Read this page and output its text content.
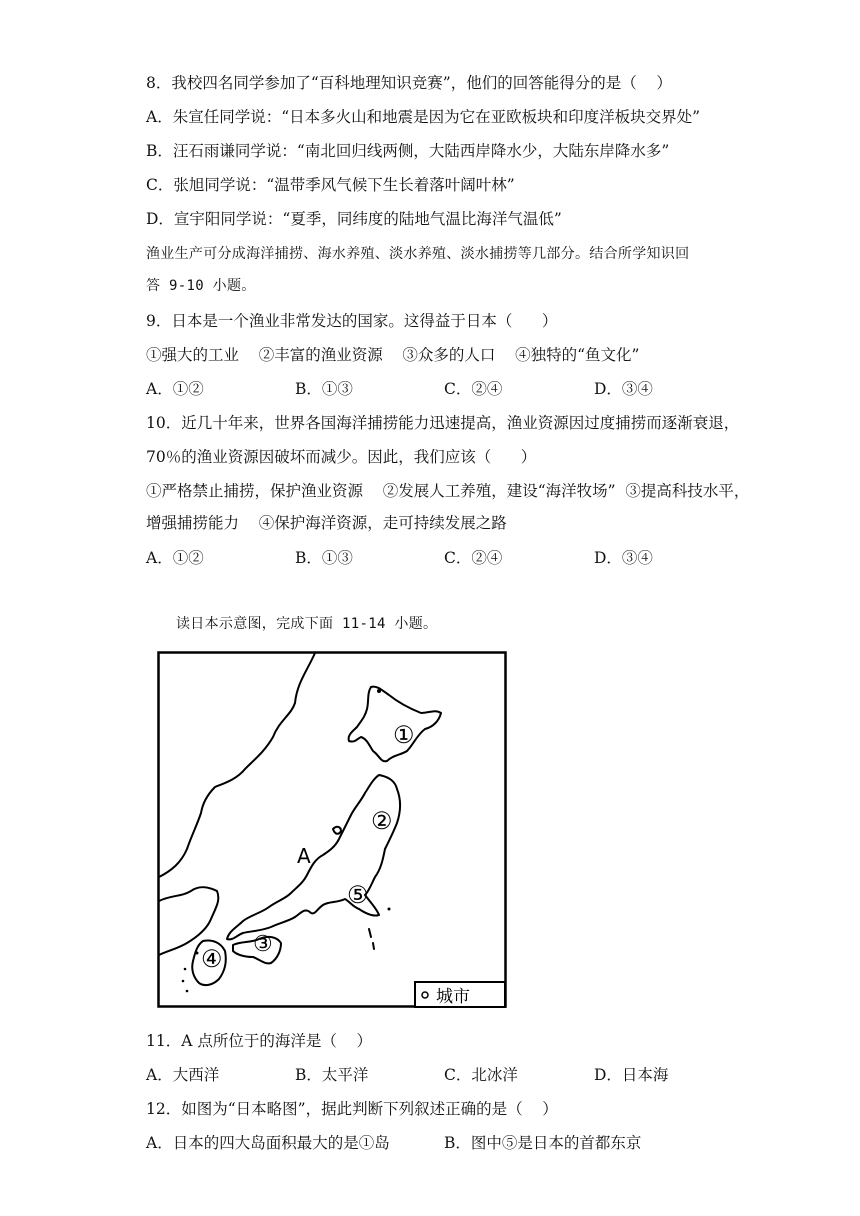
8．我校四名同学参加了“百科地理知识竞赛”，他们的回答能得分的是（    ）
A．朱宣任同学说：“日本多火山和地震是因为它在亚欧板块和印度洋板块交界处”
B．汪石雨谦同学说：“南北回归线两侧，大陆西岸降水少，大陆东岸降水多”
C．张旭同学说：“温带季风气候下生长着落叶阔叶林”
D．宣宇阳同学说：“夏季，同纬度的陆地气温比海洋气温低”
渔业生产可分成海洋捕捞、海水养殖、淡水养殖、淡水捕捞等几部分。结合所学知识回
答 9-10 小题。
9．日本是一个渔业非常发达的国家。这得益于日本（      ）
①强大的工业    ②丰富的渔业资源    ③众多的人口    ④独特的“鱼文化”
A．①②	B．①③	C．②④	D．③④
10．近几十年来，世界各国海洋捕捞能力迅速提高，渔业资源因过度捕捞而逐渐衰退，
70％的渔业资源因破坏而减少。因此，我们应该（      ）
①严格禁止捕捞，保护渔业资源    ②发展人工养殖，建设“海洋牧场”  ③提高科技水平，
增强捕捞能力    ④保护海洋资源，走可持续发展之路
A．①②	B．①③	C．②④	D．③④
读日本示意图，完成下面 11-14 小题。
城市
①
②
⑤
③
④
A
11．A 点所位于的海洋是（    ）
A．大西洋	B．太平洋	C．北冰洋	D．日本海
12．如图为“日本略图”，据此判断下列叙述正确的是（    ）
A．日本的四大岛面积最大的是①岛	B．图中⑤是日本的首都东京
